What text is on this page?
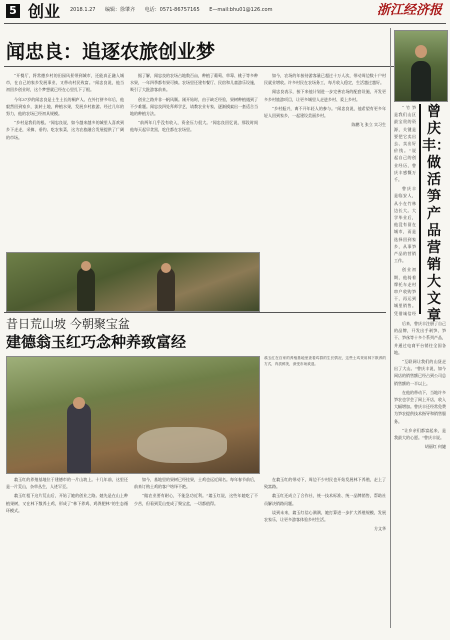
5 创业 2018.1.27 编辑：徐肇齐 电话：0571-86757165 E—mail:bhu01@126.com	浙江经济报
闻忠良：追逐农旅创业梦

“开餐厅，将常德乡村的田园风景带到城市，还能真正融入城市，在自己的家乡发展事业，又带动村民致富。”闻忠良说，他当初回乡创业时，这个梦想就已经在心里扎下了根。

今年37岁的闻忠良是土生土长的桐庐人。在外打拼多年后，他毅然回到家乡，流转土地，种植水果，发展乡村旅游。经过几年的努力，他的农场已经初具规模。

“乡村是我们的根。”闻忠良说，如今越来越多的城里人喜欢到乡下走走，采摘、垂钓、吃农家菜，这为农旅融合发展提供了广阔的市场。

据了解，闻忠良的农场占地数百亩，种植了葡萄、草莓、桃子等多种水果，一年四季都有果可摘。农场里还建有餐厅、民宿和儿童游乐设施，吸引了大批游客前来。

创业之路并非一帆风顺。刚开始时，由于缺乏经验，果树种植遇到了不少难题。闻忠良四处拜师学艺，请教农业专家，逐渐摸索出一套适合当地的种植方法。

“前两年几乎没有收入，资金压力很大。”闻忠良回忆说，那段时间他每天起早贪黑，吃住都在农场里。

如今，农场的年接待游客量已超过十万人次，带动周边数十户村民就业增收。许多村民在农场务工，每月收入稳定，生活越过越好。

闻忠良表示，接下来他计划进一步完善农场的配套设施，开发更多乡村旅游项目，让更多城里人走进乡村、爱上乡村。

“乡村振兴，离不开年轻人的参与。”闻忠良说，他希望有更多年轻人回到家乡，一起建设美丽乡村。

陈鹏飞 张立 实习生

曾庆丰：做活笋产品营销大文章

“竹笋是我们山区最宝贵的资源，关键是要把它卖出去、卖出好价钱。”说起自己的创业经历，曾庆丰感慨万千。

曾庆丰是临安人，从小在竹林边长大。大学毕业后，他没有留在城市，而是选择回到家乡，从事笋产品的营销工作。

创业初期，他骑着摩托车走村串户收购笋干，再运到城里销售。凭借诚信经

后来，曾庆丰注册了自己的品牌，开发出手剥笋、笋干、笋丝等十多个系列产品，并通过电商平台销往全国各地。

“互联网让我们的山货走出了大山。”曾庆丰说，如今网店的销售额已经占到公司总销售额的一半以上。

在他的带动下，当地许多笋农也学会了网上开店，收入大幅增加。曾庆丰还经常免费为笋农提供技术指导和销售服务。

“让乡亲们都富起来，是我最大的心愿。”曾庆丰说。

胡丽红 何婕

昔日荒山坡 今朝聚宝盆
建德翁玉红巧念种养致富经
翁玉红在自家的养殖基地里查看鸡群的生长情况，这些土鸡采用林下散养的方式，肉质鲜美，深受市场欢迎。

翁玉红的养殖基地位于建德市的一片山坡上。十几年前，这里还是一片荒山，杂草丛生，人迹罕至。

翁玉红租下这片荒山后，开始了她的创业之路。她先是在山上种植果树，又在林下散养土鸡，形成了“林下养鸡、鸡粪肥林”的生态循环模式。

如今，基地里的果树已经挂果，土鸡也远近闻名。每年春节前后，前来订购土鸡的客户络绎不绝。

“做农业要有耐心，不能急功近利。”翁玉红说，这些年她吃了不少苦，但看到荒山变成了聚宝盆，一切都值得。

在翁玉红的带动下，周边不少村民也开始发展林下养殖，走上了致富路。

翁玉红还成立了合作社，统一技术标准、统一品牌销售，帮助社员解决销路问题。

谈到未来，翁玉红信心满满，她打算进一步扩大养殖规模，发展农家乐，让更多游客体验乡村生活。

方文华
